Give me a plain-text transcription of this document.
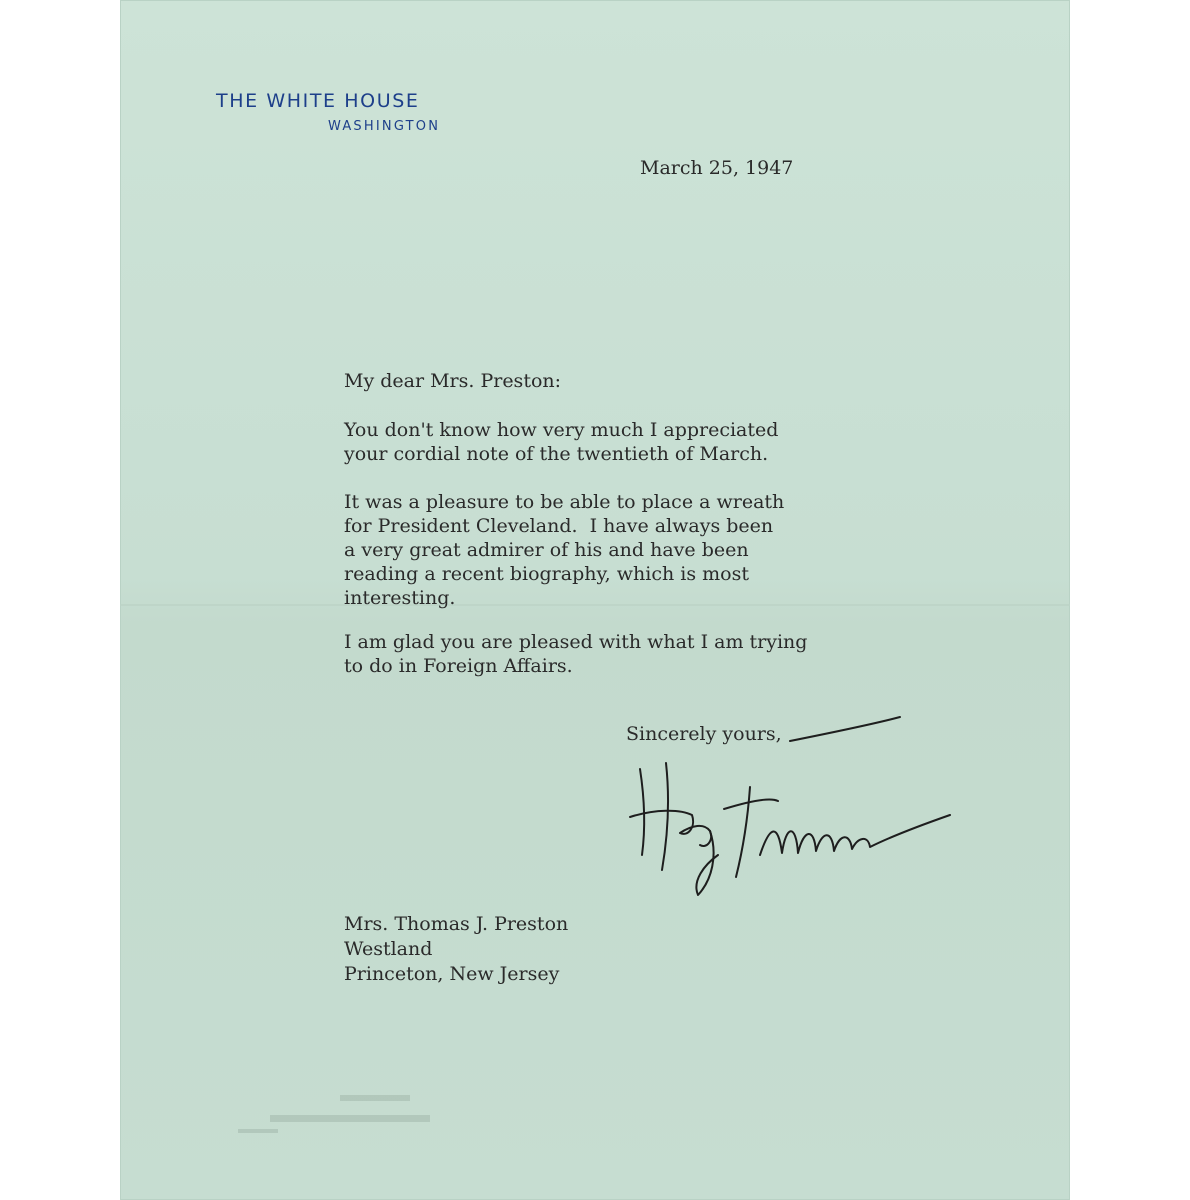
THE WHITE HOUSE
WASHINGTON
March 25, 1947
My dear Mrs. Preston:
You don't know how very much I appreciated
your cordial note of the twentieth of March.
It was a pleasure to be able to place a wreath
for President Cleveland.  I have always been
a very great admirer of his and have been
reading a recent biography, which is most
interesting.
I am glad you are pleased with what I am trying
to do in Foreign Affairs.
Sincerely yours,
Mrs. Thomas J. Preston
Westland
Princeton, New Jersey
